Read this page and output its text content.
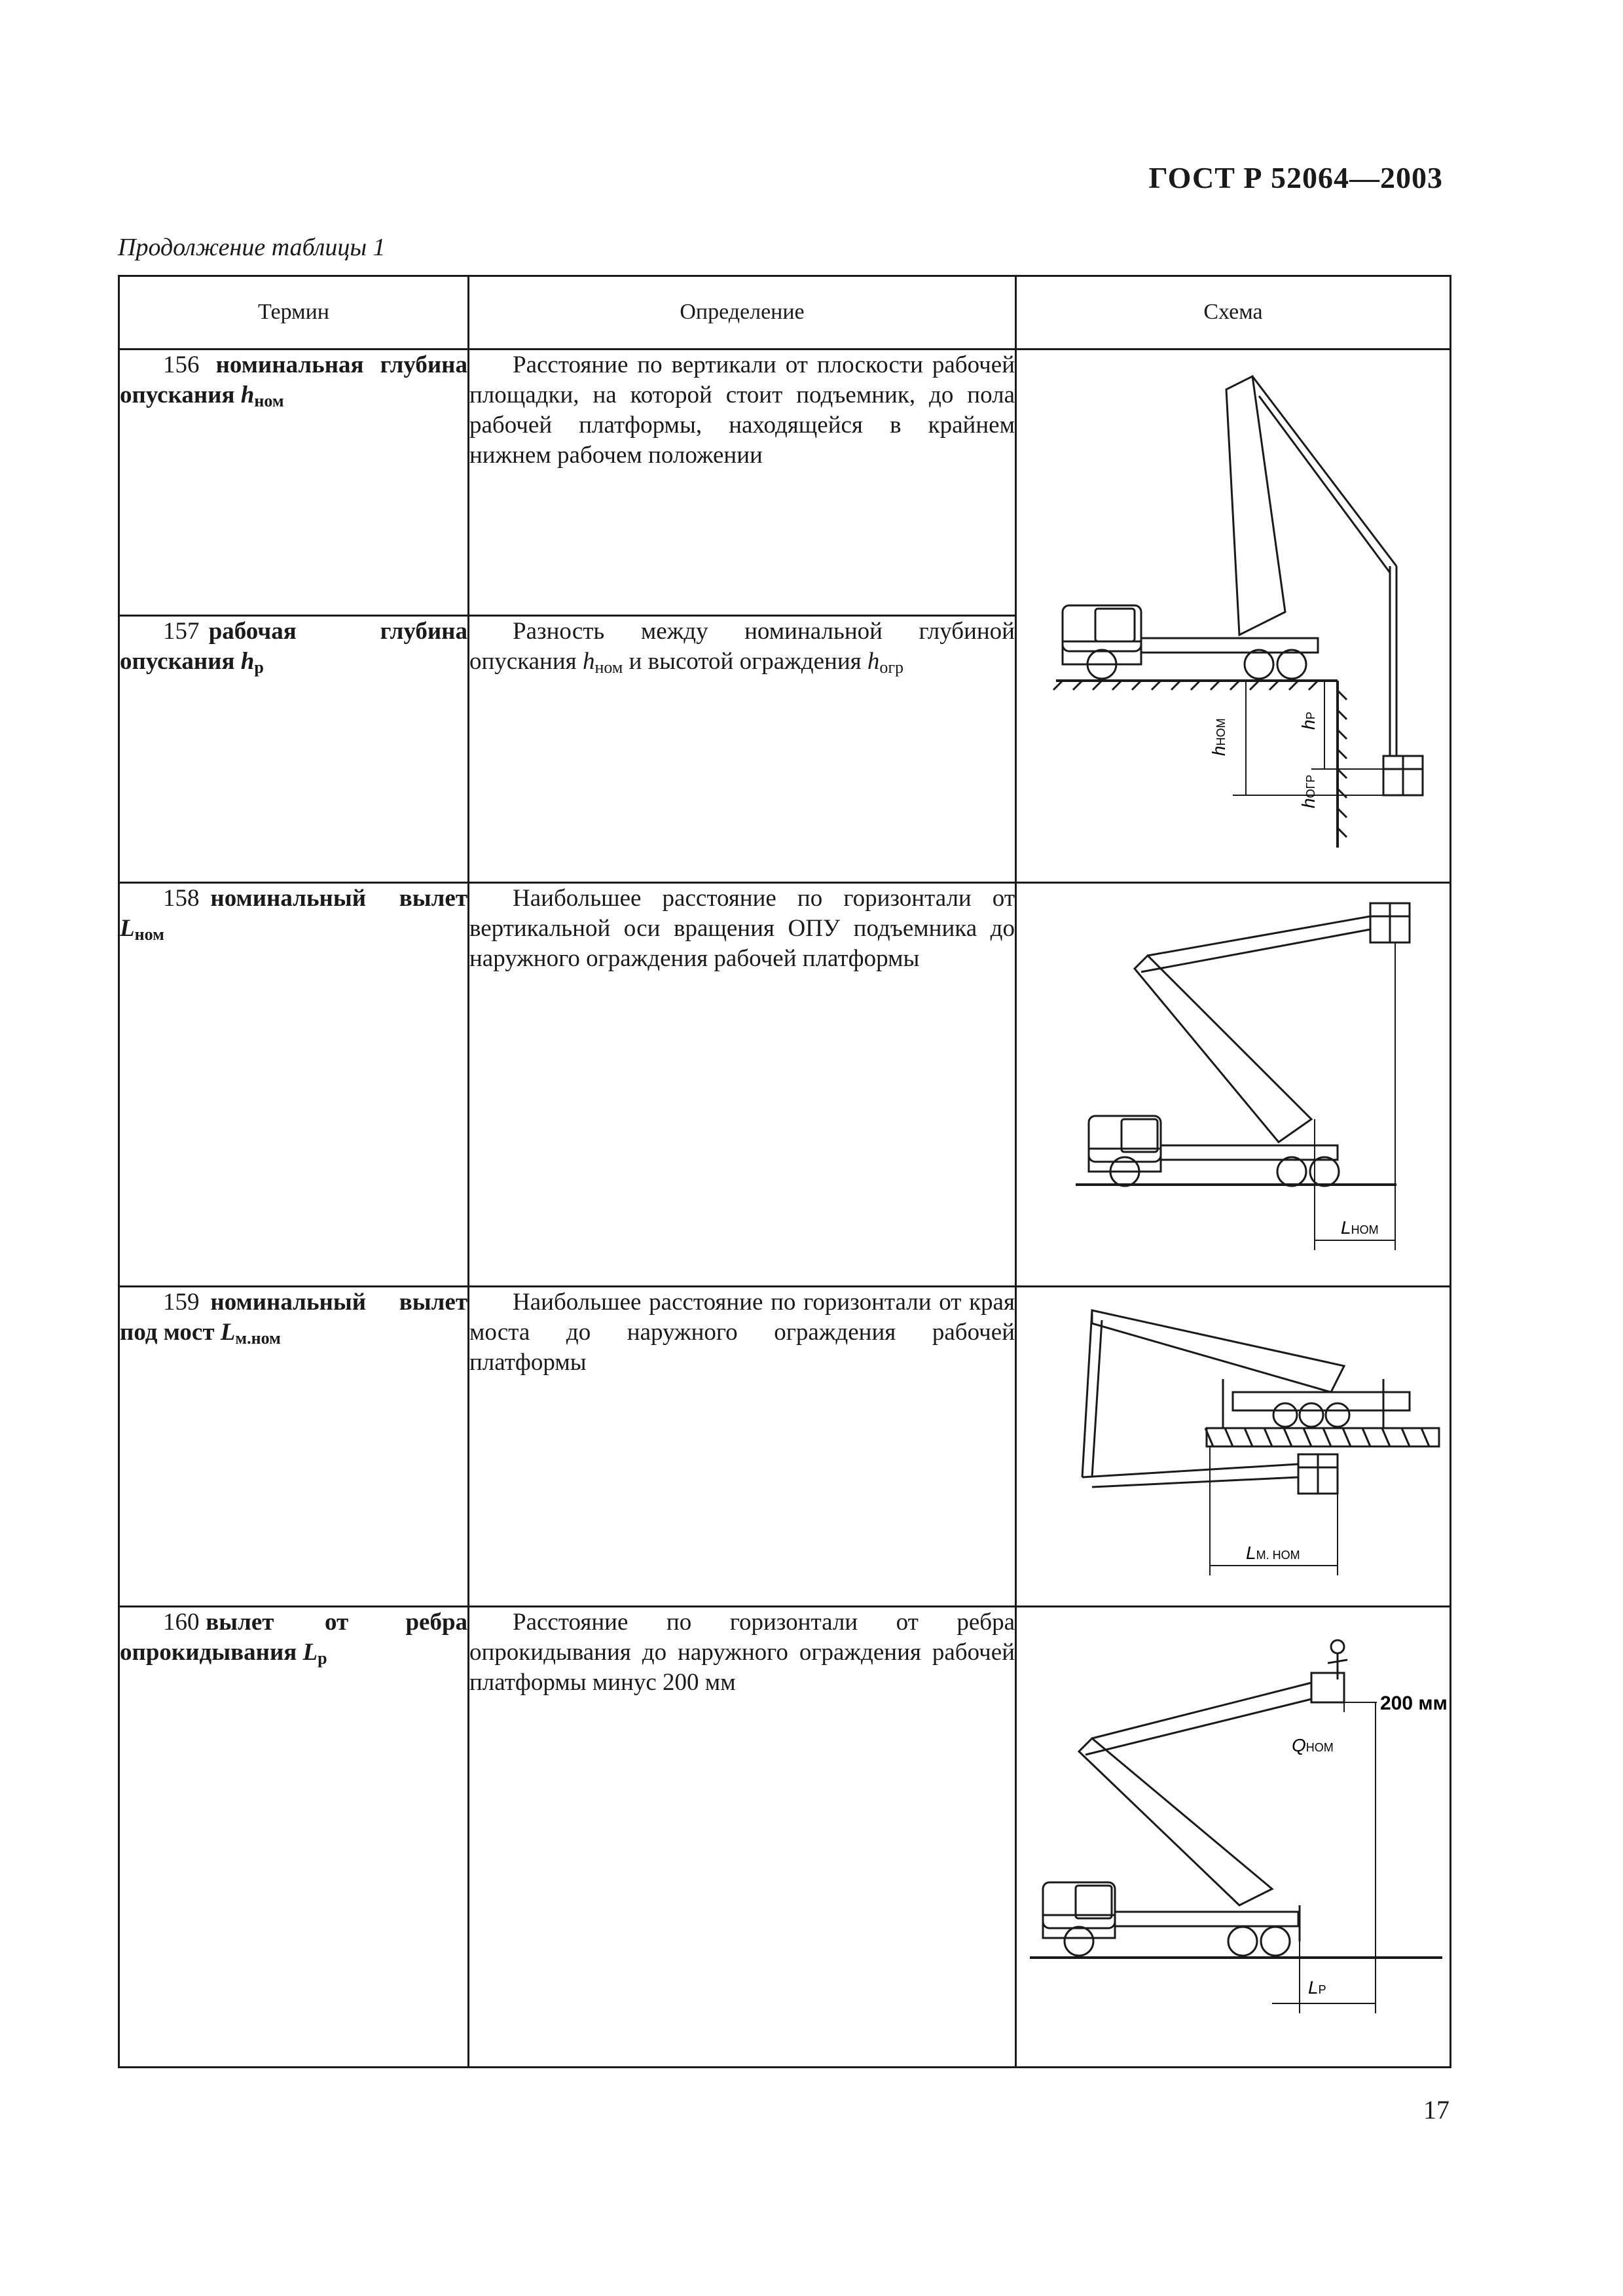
ГОСТ Р 52064—2003
Продолжение таблицы 1
Термин	Определение	Схема
156 номинальная глубина опускания $h_{ном}$	Расстояние по вертикали от плоскости рабочей площадки, на которой стоит подъемник, до пола рабочей платформы, находящейся в крайнем нижнем рабочем положении	hНОМ hР
hОГР

157 рабочая глубина опускания $h_р$	Разность между номинальной глубиной опускания $h_{ном}$ и высотой ограждения $h_{огр}$
158 номинальный вылет $L_{ном}$	Наибольшее расстояние по горизонтали от вертикальной оси вращения ОПУ подъемника до наружного ограждения рабочей платформы	LНОМ

159 номинальный вылет под мост $L_{м.ном}$	Наибольшее расстояние по горизонтали от края моста до наружного ограждения рабочей платформы	LМ. НОМ

160 вылет от ребра опрокидывания $L_р$	Расстояние по горизонтали от ребра опрокидывания до наружного ограждения рабочей платформы минус 200 мм	200 мм
QНОМ
LР
17
